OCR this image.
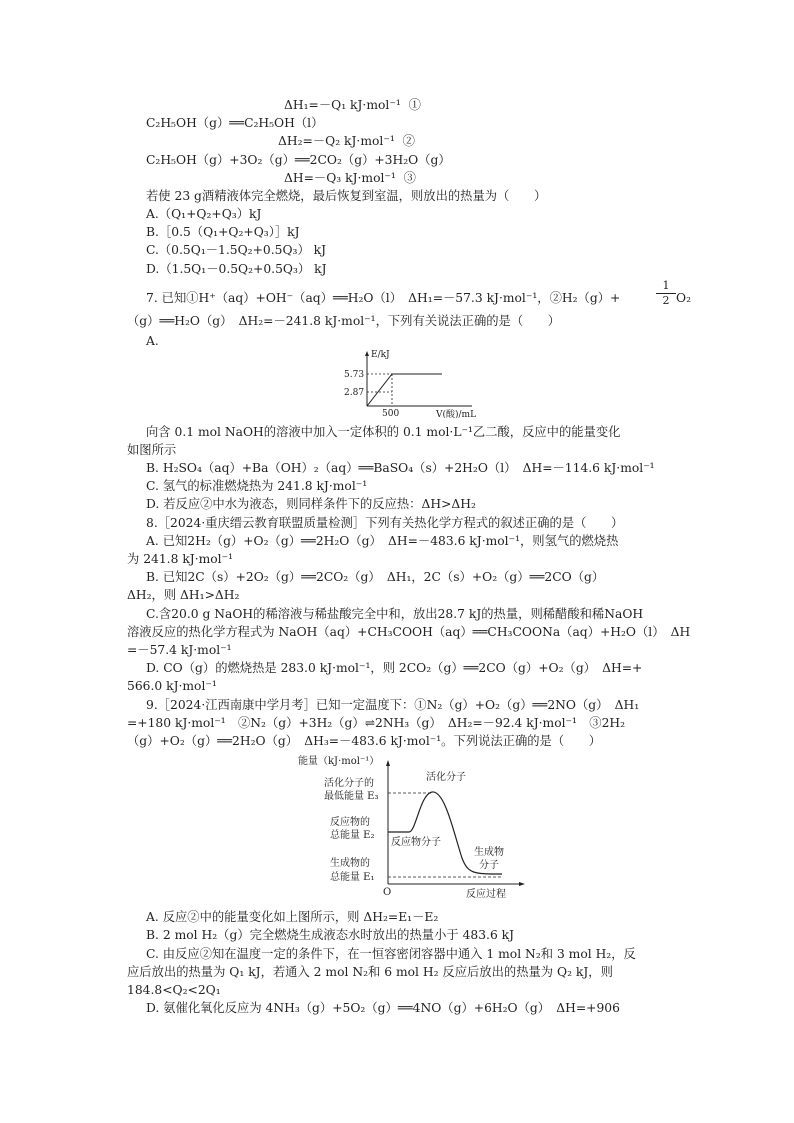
ΔH₁=－Q₁ kJ·mol⁻¹  ①
C₂H₅OH（g）══C₂H₅OH（l）
ΔH₂=－Q₂ kJ·mol⁻¹  ②
C₂H₅OH（g）+3O₂（g）══2CO₂（g）+3H₂O（g）
ΔH=－Q₃ kJ·mol⁻¹  ③
若使 23 g酒精液体完全燃烧，最后恢复到室温，则放出的热量为（　　）
A.（Q₁+Q₂+Q₃）kJ
B.［0.5（Q₁+Q₂+Q₃）］kJ
C.（0.5Q₁－1.5Q₂+0.5Q₃） kJ
D.（1.5Q₁－0.5Q₂+0.5Q₃） kJ
7. 已知①H⁺（aq）+OH⁻（aq）══H₂O（l）　ΔH₁=－57.3 kJ·mol⁻¹，②H₂（g）+	$\frac{1}{2} O_2$
（g）══H₂O（g）　ΔH₂=－241.8 kJ·mol⁻¹，下列有关说法正确的是（　　）
A.
E/kJ
5.73
2.87
500	V(酸)/mL
向含 0.1 mol NaOH的溶液中加入一定体积的 0.1 mol·L⁻¹乙二酸，反应中的能量变化
如图所示
B. H₂SO₄（aq）+Ba（OH）₂（aq）══BaSO₄（s）+2H₂O（l）　ΔH=－114.6 kJ·mol⁻¹
C. 氢气的标准燃烧热为 241.8 kJ·mol⁻¹
D. 若反应②中水为液态，则同样条件下的反应热：ΔH>ΔH₂
8.［2024·重庆缙云教育联盟质量检测］下列有关热化学方程式的叙述正确的是（　　）
A. 已知2H₂（g）+O₂（g）══2H₂O（g）　ΔH=－483.6 kJ·mol⁻¹，则氢气的燃烧热
为 241.8 kJ·mol⁻¹
B. 已知2C（s）+2O₂（g）══2CO₂（g）　ΔH₁，2C（s）+O₂（g）══2CO（g）
ΔH₂，则 ΔH₁>ΔH₂
C.含20.0 g NaOH的稀溶液与稀盐酸完全中和，放出28.7 kJ的热量，则稀醋酸和稀NaOH
溶液反应的热化学方程式为 NaOH（aq）+CH₃COOH（aq）══CH₃COONa（aq）+H₂O（l）　ΔH
=－57.4 kJ·mol⁻¹
D. CO（g）的燃烧热是 283.0 kJ·mol⁻¹，则 2CO₂（g）══2CO（g）+O₂（g）　ΔH=+
566.0 kJ·mol⁻¹
9.［2024·江西南康中学月考］已知一定温度下：①N₂（g）+O₂（g）══2NO（g）　ΔH₁
=+180 kJ·mol⁻¹　②N₂（g）+3H₂（g）⇌2NH₃（g）　ΔH₂=－92.4 kJ·mol⁻¹　③2H₂
（g）+O₂（g）══2H₂O（g）　ΔH₃=－483.6 kJ·mol⁻¹。下列说法正确的是（　　）
能量（kJ·mol⁻¹）
O	反应过程
活化分子的
最低能量 E₃
反应物的
总能量 E₂
生成物的
总能量 E₁
活化分子
反应物分子
生成物
分子
A. 反应②中的能量变化如上图所示，则 ΔH₂=E₁－E₂
B. 2 mol H₂（g）完全燃烧生成液态水时放出的热量小于 483.6 kJ
C. 由反应②知在温度一定的条件下，在一恒容密闭容器中通入 1 mol N₂和 3 mol H₂，反
应后放出的热量为 Q₁ kJ，若通入 2 mol N₂和 6 mol H₂ 反应后放出的热量为 Q₂ kJ，则
184.8<Q₂<2Q₁
D. 氨催化氧化反应为 4NH₃（g）+5O₂（g）══4NO（g）+6H₂O（g）　ΔH=+906
